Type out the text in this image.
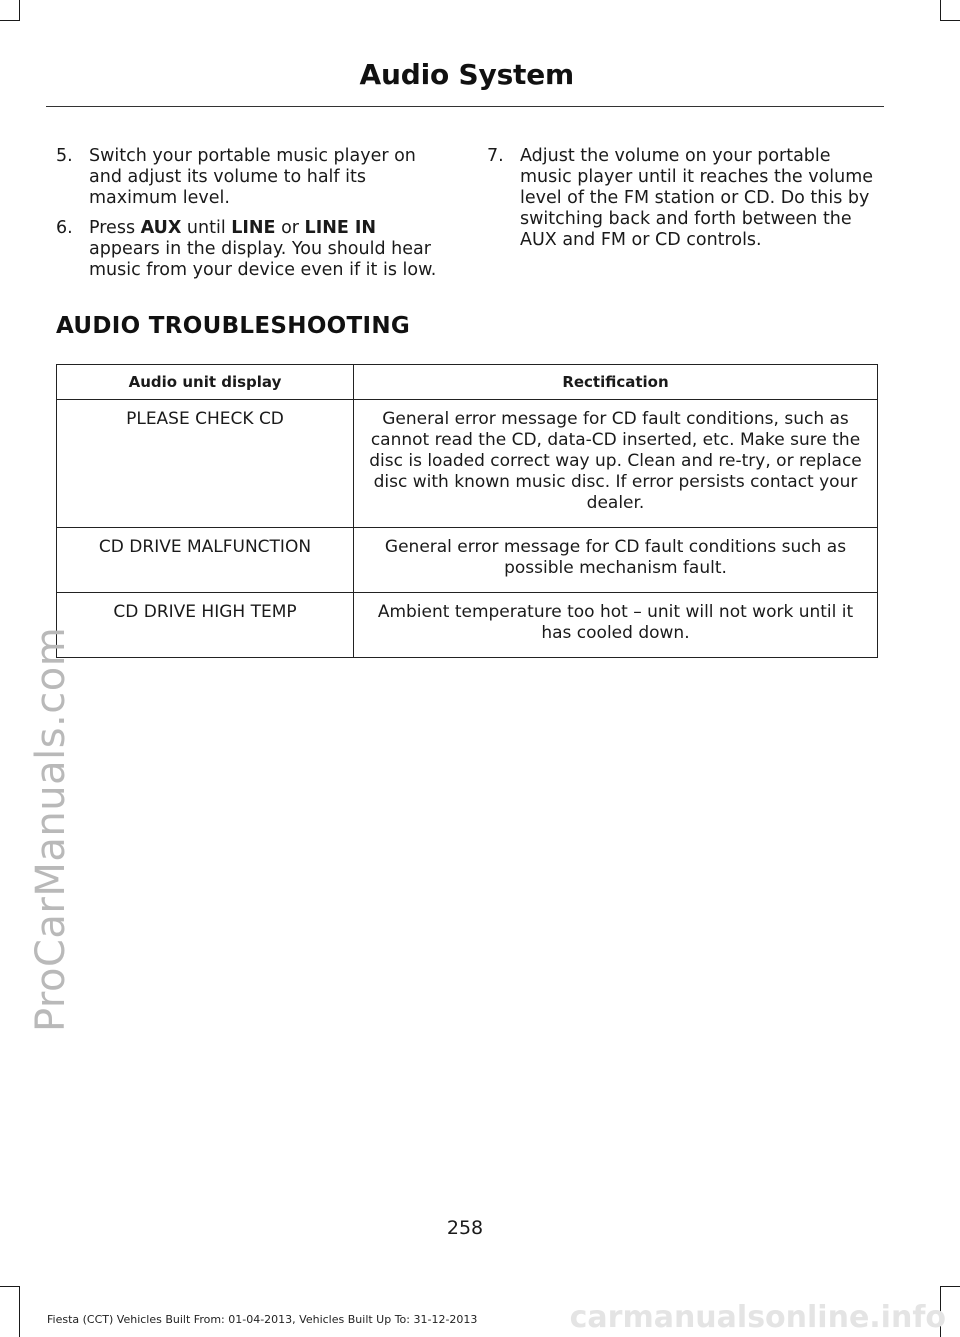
Audio System
5. Switch your portable music player on and adjust its volume to half its maximum level.
6. Press AUX until LINE or LINE IN appears in the display. You should hear music from your device even if it is low.
7. Adjust the volume on your portable music player until it reaches the volume level of the FM station or CD. Do this by switching back and forth between the AUX and FM or CD controls.
AUDIO TROUBLESHOOTING
Audio unit display	Rectification
PLEASE CHECK CD	General error message for CD fault conditions, such as cannot read the CD, data-CD inserted, etc. Make sure the disc is loaded correct way up. Clean and re-try, or replace disc with known music disc. If error persists contact your dealer.
CD DRIVE MALFUNCTION	General error message for CD fault conditions such as possible mechanism fault.
CD DRIVE HIGH TEMP	Ambient temperature too hot – unit will not work until it has cooled down.
258
Fiesta (CCT) Vehicles Built From: 01-04-2013, Vehicles Built Up To: 31-12-2013
ProCarManuals.com
carmanualsonline.info
